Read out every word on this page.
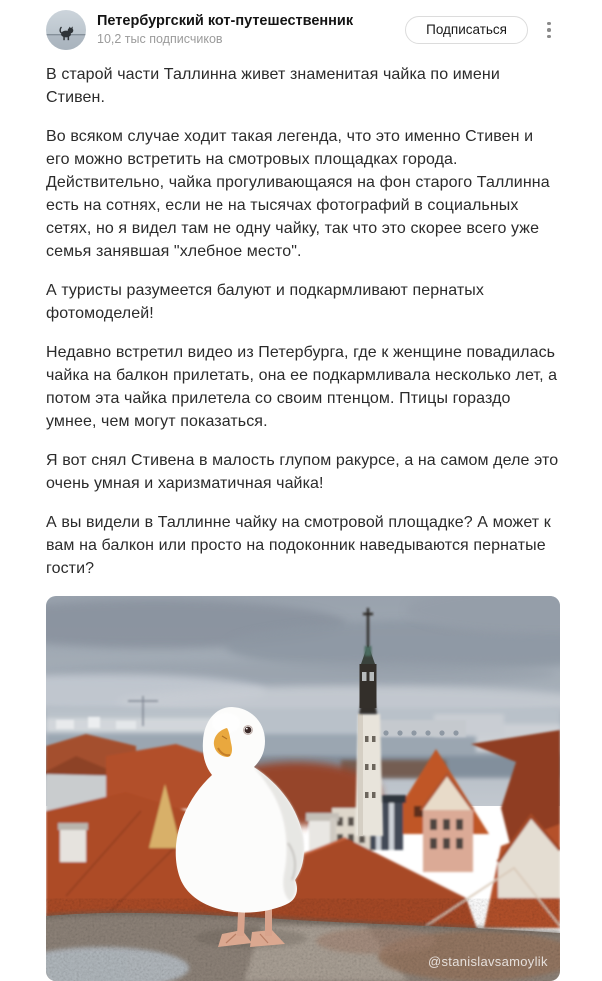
Петербургский кот-путешественник
10,2 тыс подписчиков
Подписаться

В старой части Таллинна живет знаменитая чайка по имени Стивен.

Во всяком случае ходит такая легенда, что это именно Стивен и его можно встретить на смотровых площадках города. Действительно, чайка прогуливающаяся на фон старого Таллинна есть на сотнях, если не на тысячах фотографий в социальных сетях, но я видел там не одну чайку, так что это скорее всего уже семья занявшая "хлебное место".

А туристы разумеется балуют и подкармливают пернатых фотомоделей!

Недавно встретил видео из Петербурга, где к женщине повадилась чайка на балкон прилетать, она ее подкармливала несколько лет, а потом эта чайка прилетела со своим птенцом. Птицы гораздо умнее, чем могут показаться.

Я вот снял Стивена в малость глупом ракурсе, а на самом деле это очень умная и харизматичная чайка!

А вы видели в Таллинне чайку на смотровой площадке? А может к вам на балкон или просто на подоконник наведываются пернатые гости?

@stanislavsamoylik
